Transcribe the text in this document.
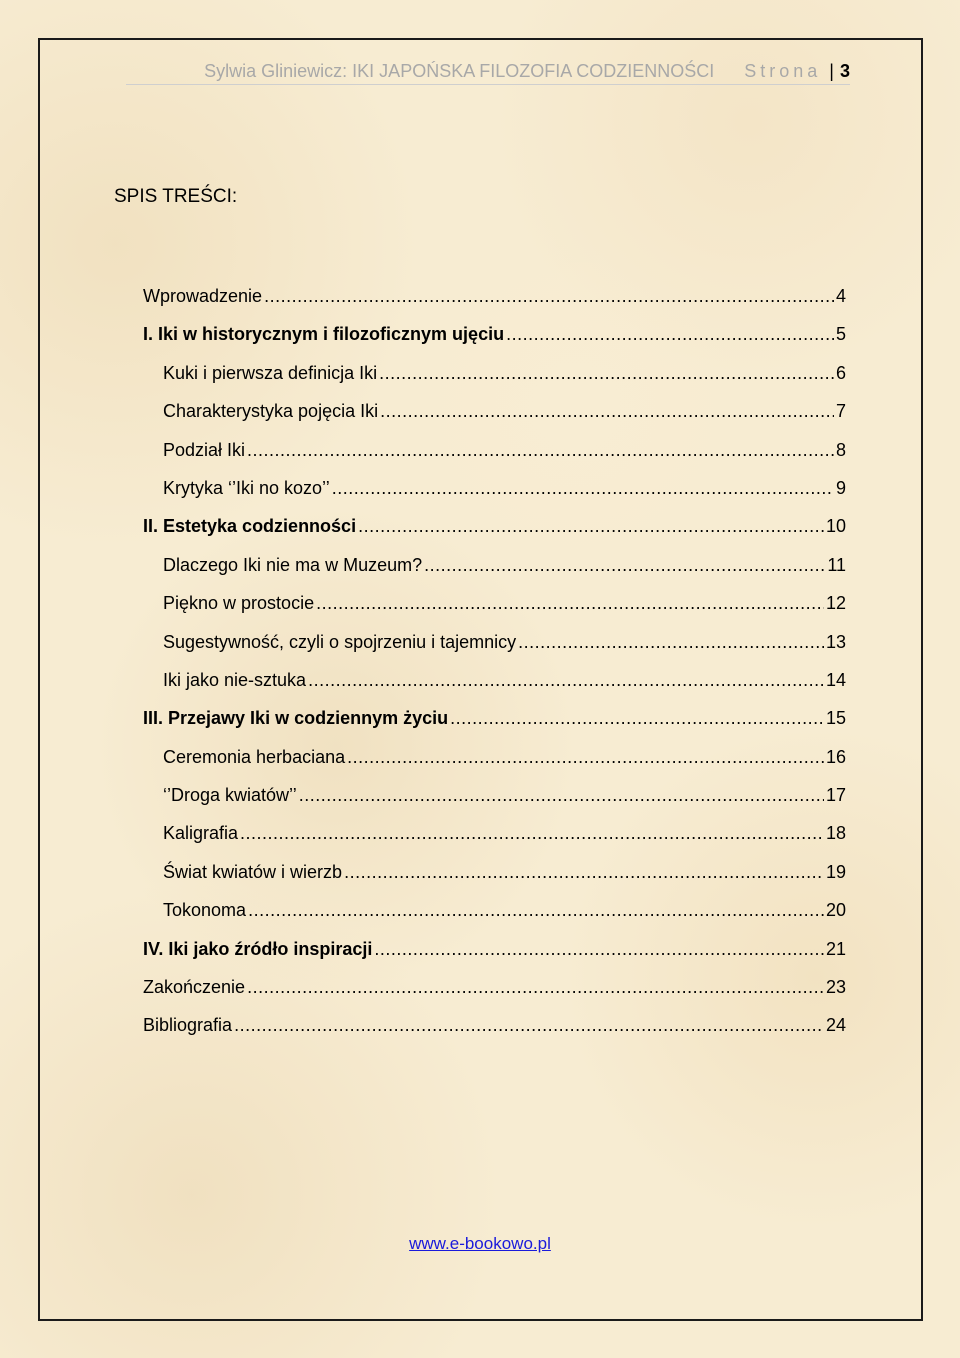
Sylwia Gliniewicz: IKI JAPOŃSKA FILOZOFIA CODZIENNOŚCI Strona | 3
SPIS TREŚCI:
Wprowadzenie .....	4
I. Iki w historycznym i filozoficznym ujęciu .....	5
Kuki i pierwsza definicja Iki .....	6
Charakterystyka pojęcia Iki .....	7
Podział Iki .....	8
Krytyka ‘’Iki no kozo’’ .....	9
II. Estetyka codzienności .....	10
Dlaczego Iki nie ma w Muzeum? .....	11
Piękno w prostocie .....	12
Sugestywność, czyli o spojrzeniu i tajemnicy .....	13
Iki jako nie-sztuka .....	14
III. Przejawy Iki w codziennym życiu .....	15
Ceremonia herbaciana .....	16
‘’Droga kwiatów’’ .....	17
Kaligrafia .....	18
Świat kwiatów i wierzb .....	19
Tokonoma .....	20
IV. Iki jako źródło inspiracji .....	21
Zakończenie .....	23
Bibliografia .....	24
www.e-bookowo.pl
